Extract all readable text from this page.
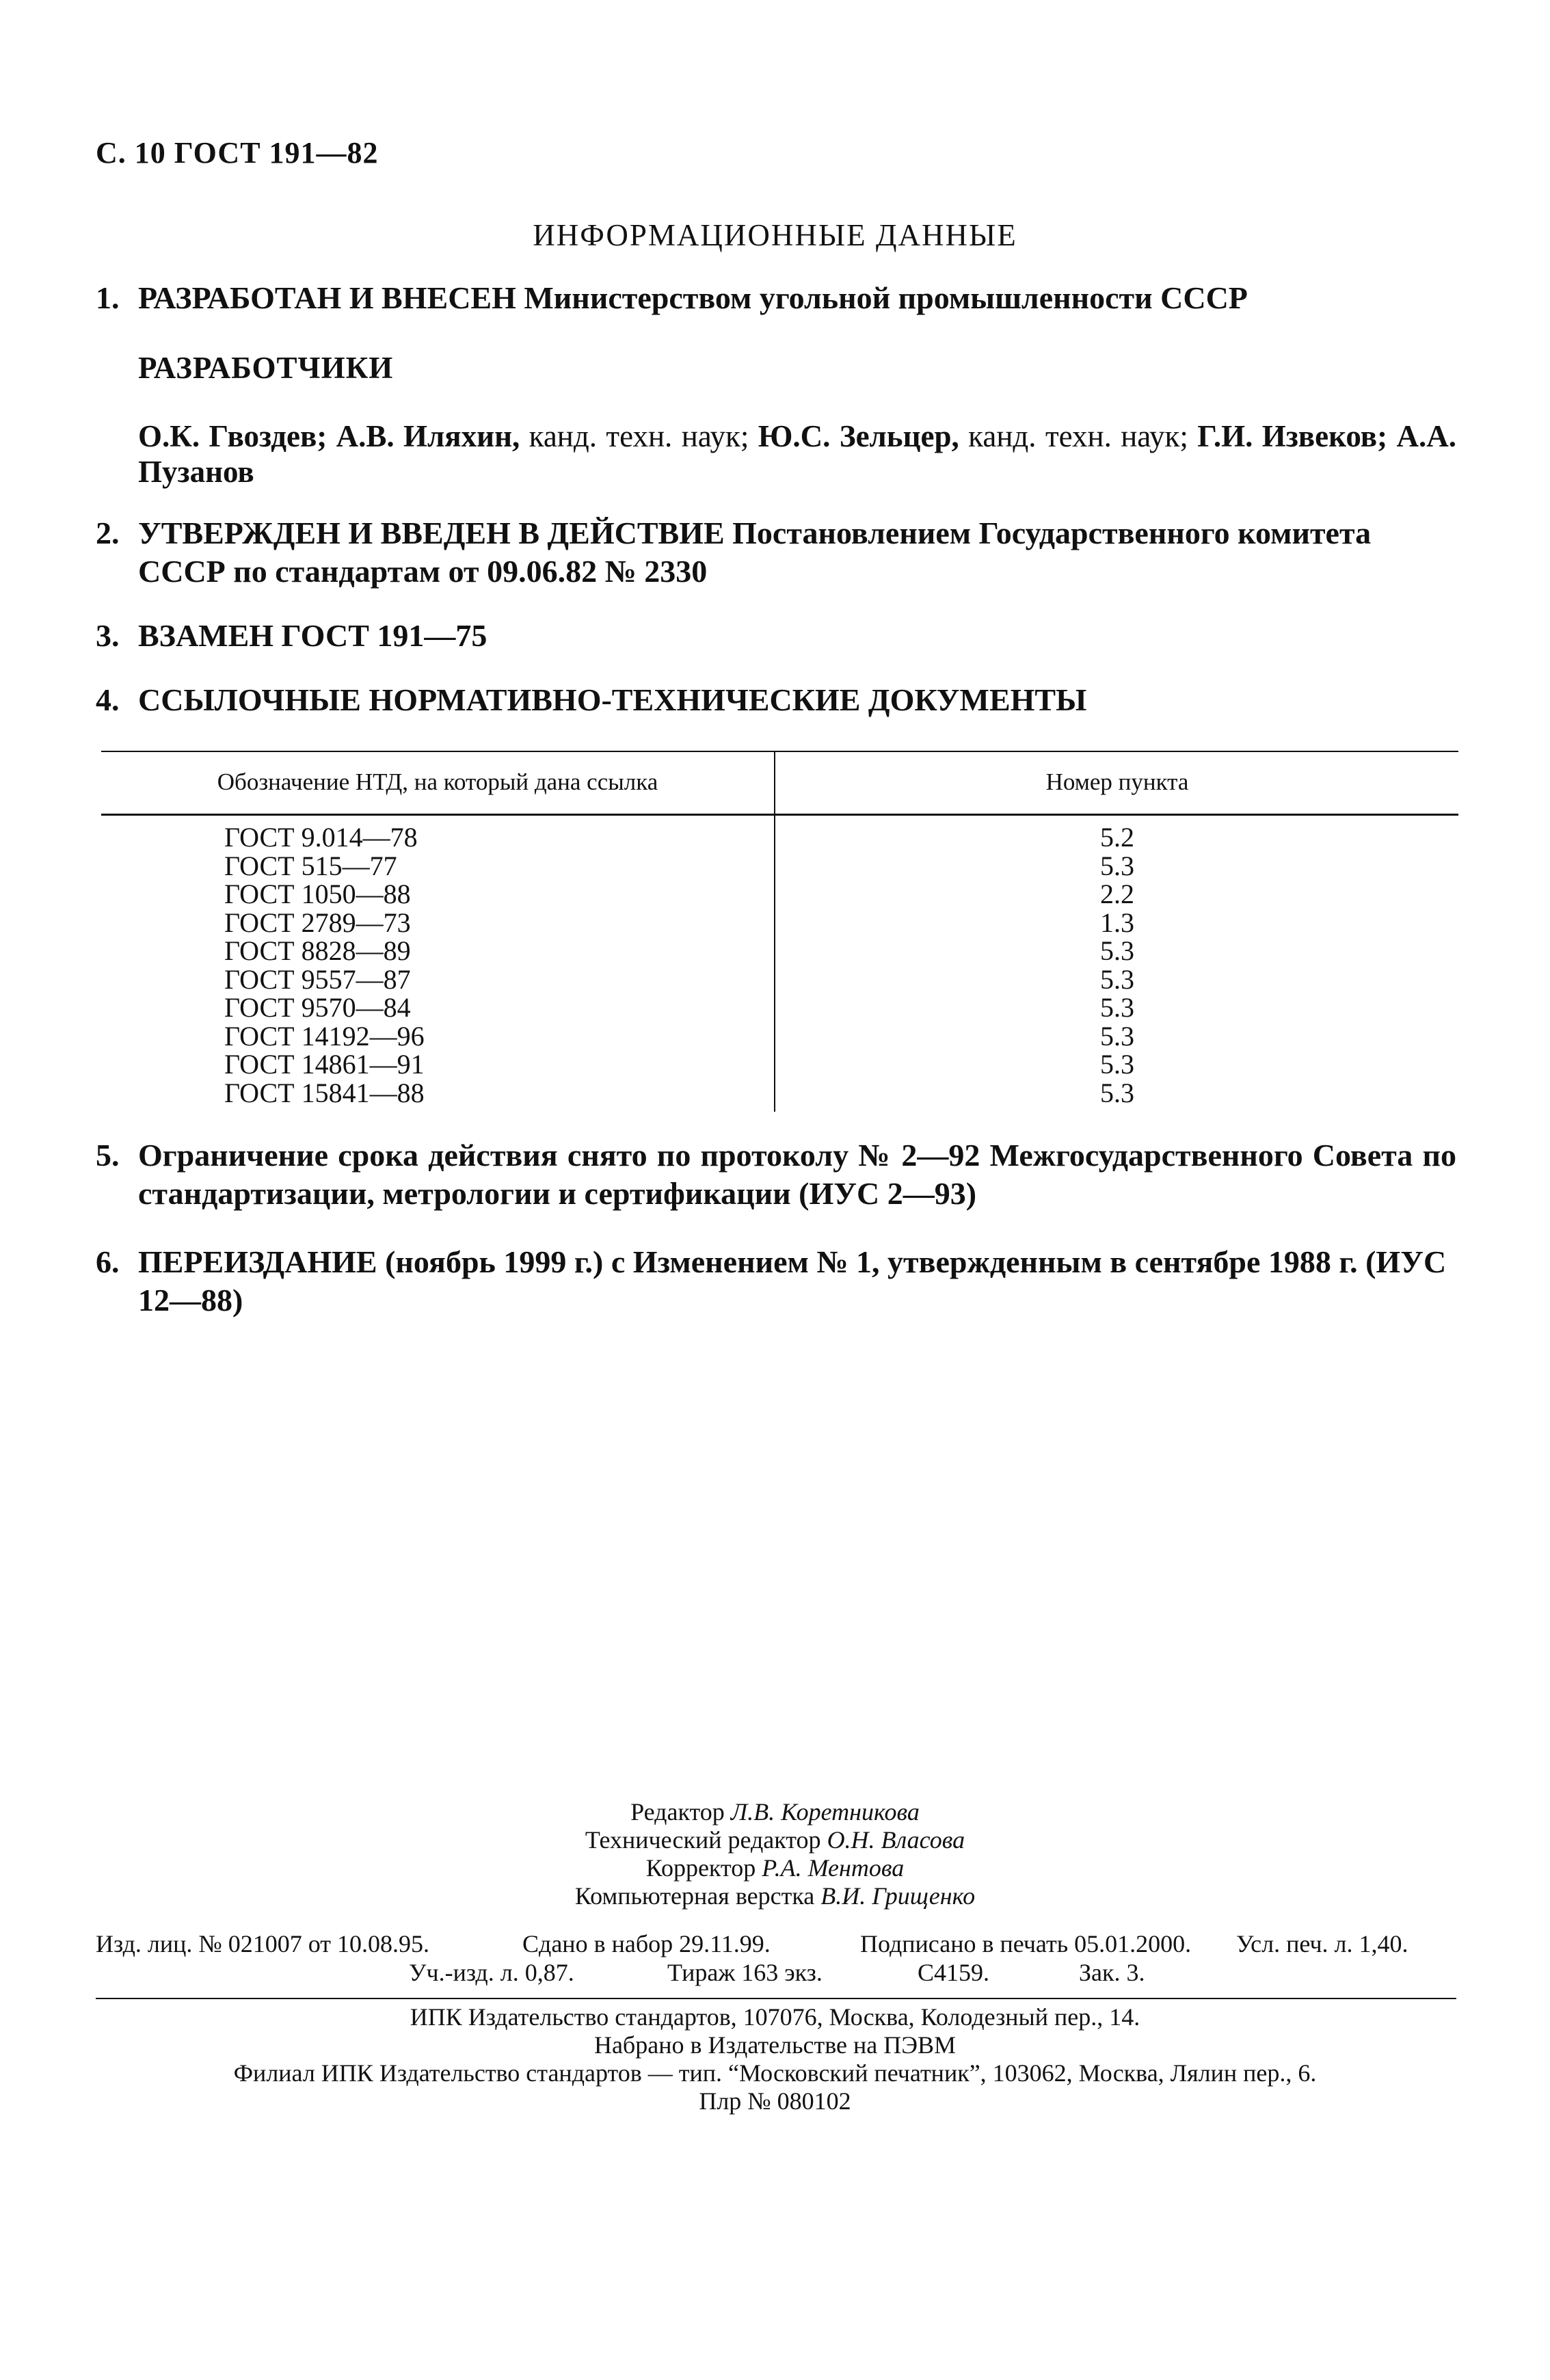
С. 10 ГОСТ 191—82
ИНФОРМАЦИОННЫЕ ДАННЫЕ
1. РАЗРАБОТАН И ВНЕСЕН Министерством угольной промышленности СССР
РАЗРАБОТЧИКИ
О.К. Гвоздев; А.В. Иляхин, канд. техн. наук; Ю.С. Зельцер, канд. техн. наук; Г.И. Извеков; А.А. Пузанов
2. УТВЕРЖДЕН И ВВЕДЕН В ДЕЙСТВИЕ Постановлением Государственного комитета СССР по стандартам от 09.06.82 № 2330
3. ВЗАМЕН ГОСТ 191—75
4. ССЫЛОЧНЫЕ НОРМАТИВНО-ТЕХНИЧЕСКИЕ ДОКУМЕНТЫ
Обозначение НТД, на который дана ссылка	Номер пункта
ГОСТ 9.014—78	5.2
ГОСТ 515—77	5.3
ГОСТ 1050—88	2.2
ГОСТ 2789—73	1.3
ГОСТ 8828—89	5.3
ГОСТ 9557—87	5.3
ГОСТ 9570—84	5.3
ГОСТ 14192—96	5.3
ГОСТ 14861—91	5.3
ГОСТ 15841—88	5.3
5. Ограничение срока действия снято по протоколу № 2—92 Межгосударственного Совета по стандартизации, метрологии и сертификации (ИУС 2—93)
6. ПЕРЕИЗДАНИЕ (ноябрь 1999 г.) с Изменением № 1, утвержденным в сентябре 1988 г. (ИУС 12—88)
Редактор Л.В. Коретникова
Технический редактор О.Н. Власова
Корректор Р.А. Ментова
Компьютерная верстка В.И. Грищенко
Изд. лиц. № 021007 от 10.08.95.	Сдано в набор 29.11.99.	Подписано в печать 05.01.2000. Усл. печ. л. 1,40.
Уч.-изд. л. 0,87.	Тираж 163 экз.	С4159.	Зак. 3.
ИПК Издательство стандартов, 107076, Москва, Колодезный пер., 14.
Набрано в Издательстве на ПЭВМ
Филиал ИПК Издательство стандартов — тип. “Московский печатник”, 103062, Москва, Лялин пер., 6.
Плр № 080102
